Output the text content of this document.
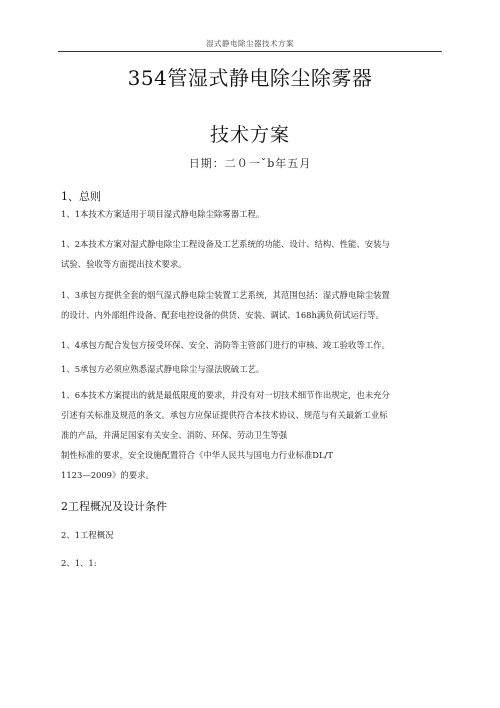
湿式静电除尘器技术方案
354管湿式静电除尘除雾器
技术方案
日期：二０一ˇb年五月
1、总则
1、1本技术方案适用于项目湿式静电除尘除雾器工程。
1、2本技术方案对湿式静电除尘工程设备及工艺系统的功能、设计、结构、性能、安装与
试验、验收等方面提出技术要求。
1、3承包方提供全套的烟气湿式静电除尘装置工艺系统，其范围包括：湿式静电除尘装置
的设计、内外部组件设备、配套电控设备的供货、安装、调试、168h满负荷试运行等。
1、4承包方配合发包方接受环保、安全、消防等主管部门进行的审核、竣工验收等工作。
1、5承包方必须应熟悉湿式静电除尘与湿法脱硫工艺。
1、6本技术方案提出的就是最低限度的要求，并没有对一切技术细节作出规定，也未充分
引述有关标准及规范的条文。承包方应保证提供符合本技术协议、规范与有关最新工业标
准的产品，并满足国家有关安全、消防、环保、劳动卫生等强
制性标准的要求，安全设施配置符合《中华人民共与国电力行业标准DL/T
1123—2009》的要求。
2工程概况及设计条件
2、1工程概况
2、1、1:
